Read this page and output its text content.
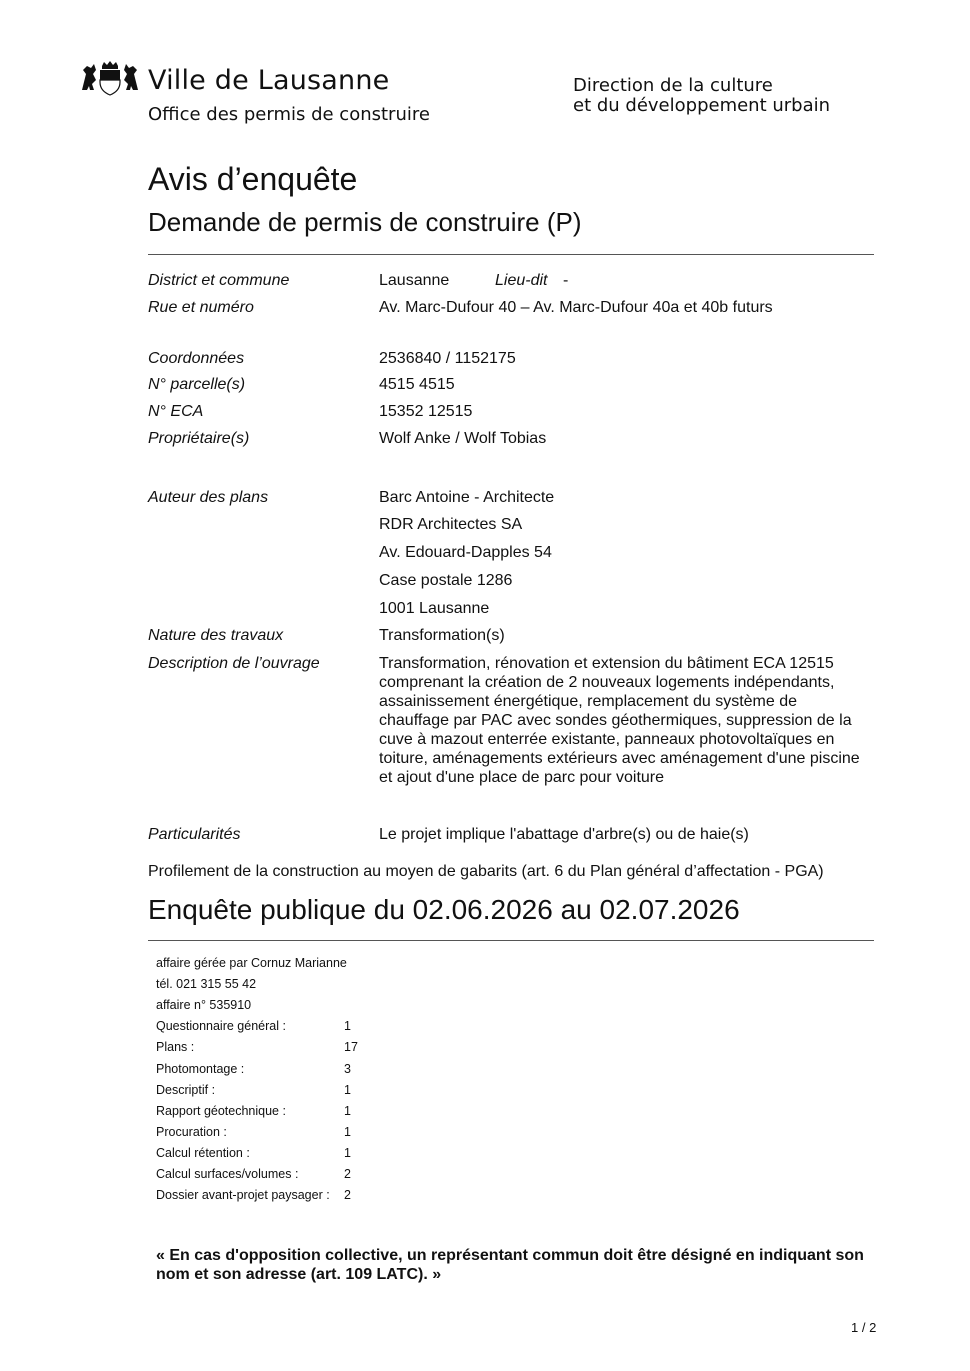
Ville de Lausanne
Office des permis de construire
Direction de la culture
et du développement urbain
Avis d’enquête
Demande de permis de construire (P)
District et commune	Lausanne	Lieu-dit -
Rue et numéro	Av. Marc-Dufour 40 – Av. Marc-Dufour 40a et 40b futurs
Coordonnées	2536840 / 1152175
N° parcelle(s)	4515 4515
N° ECA	15352 12515
Propriétaire(s)	Wolf Anke / Wolf Tobias
Auteur des plans	Barc Antoine - Architecte
RDR Architectes SA
Av. Edouard-Dapples 54
Case postale 1286
1001 Lausanne
Nature des travaux	Transformation(s)
Description de l’ouvrage	Transformation, rénovation et extension du bâtiment ECA 12515
comprenant la création de 2 nouveaux logements indépendants,
assainissement énergétique, remplacement du système de
chauffage par PAC avec sondes géothermiques, suppression de la
cuve à mazout enterrée existante, panneaux photovoltaïques en
toiture, aménagements extérieurs avec aménagement d'une piscine
et ajout d'une place de parc pour voiture
Particularités	Le projet implique l'abattage d'arbre(s) ou de haie(s)
Profilement de la construction au moyen de gabarits (art. 6 du Plan général d’affectation - PGA)
Enquête publique du 02.06.2026 au 02.07.2026
affaire gérée par Cornuz Marianne
tél. 021 315 55 42
affaire n° 535910
Questionnaire général :	1
Plans :	17
Photomontage :	3
Descriptif :	1
Rapport géotechnique :	1
Procuration :	1
Calcul rétention :	1
Calcul surfaces/volumes :	2
Dossier avant-projet paysager : 2
« En cas d'opposition collective, un représentant commun doit être désigné en indiquant son nom et son adresse (art. 109 LATC). »
1 / 2
